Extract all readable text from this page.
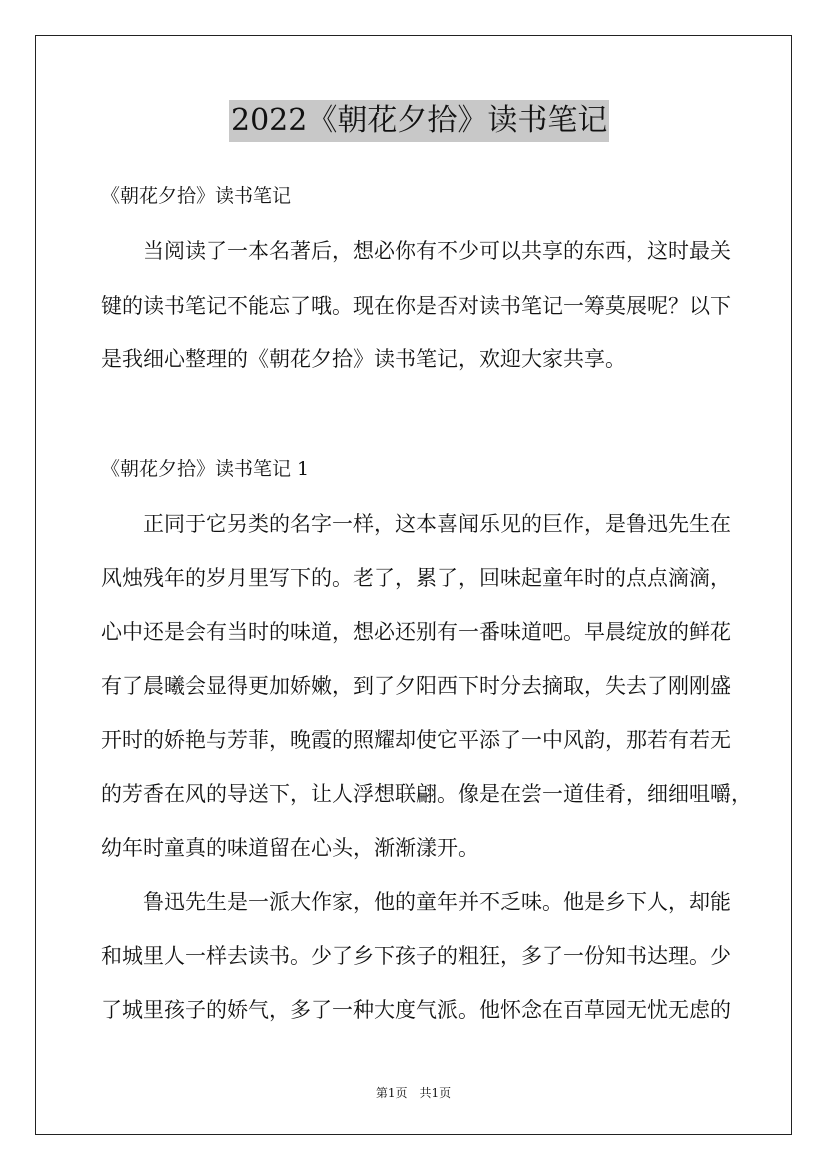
2022《朝花夕拾》读书笔记
《朝花夕拾》读书笔记
当阅读了一本名著后，想必你有不少可以共享的东西，这时最关
键的读书笔记不能忘了哦。现在你是否对读书笔记一筹莫展呢？以下
是我细心整理的《朝花夕拾》读书笔记，欢迎大家共享。
《朝花夕拾》读书笔记 1
正同于它另类的名字一样，这本喜闻乐见的巨作，是鲁迅先生在
风烛残年的岁月里写下的。老了，累了，回味起童年时的点点滴滴，
心中还是会有当时的味道，想必还别有一番味道吧。早晨绽放的鲜花
有了晨曦会显得更加娇嫩，到了夕阳西下时分去摘取，失去了刚刚盛
开时的娇艳与芳菲，晚霞的照耀却使它平添了一中风韵，那若有若无
的芳香在风的导送下，让人浮想联翩。像是在尝一道佳肴，细细咀嚼，
幼年时童真的味道留在心头，渐渐漾开。
鲁迅先生是一派大作家，他的童年并不乏味。他是乡下人，却能
和城里人一样去读书。少了乡下孩子的粗狂，多了一份知书达理。少
了城里孩子的娇气，多了一种大度气派。他怀念在百草园无忧无虑的
第1页 共1页
